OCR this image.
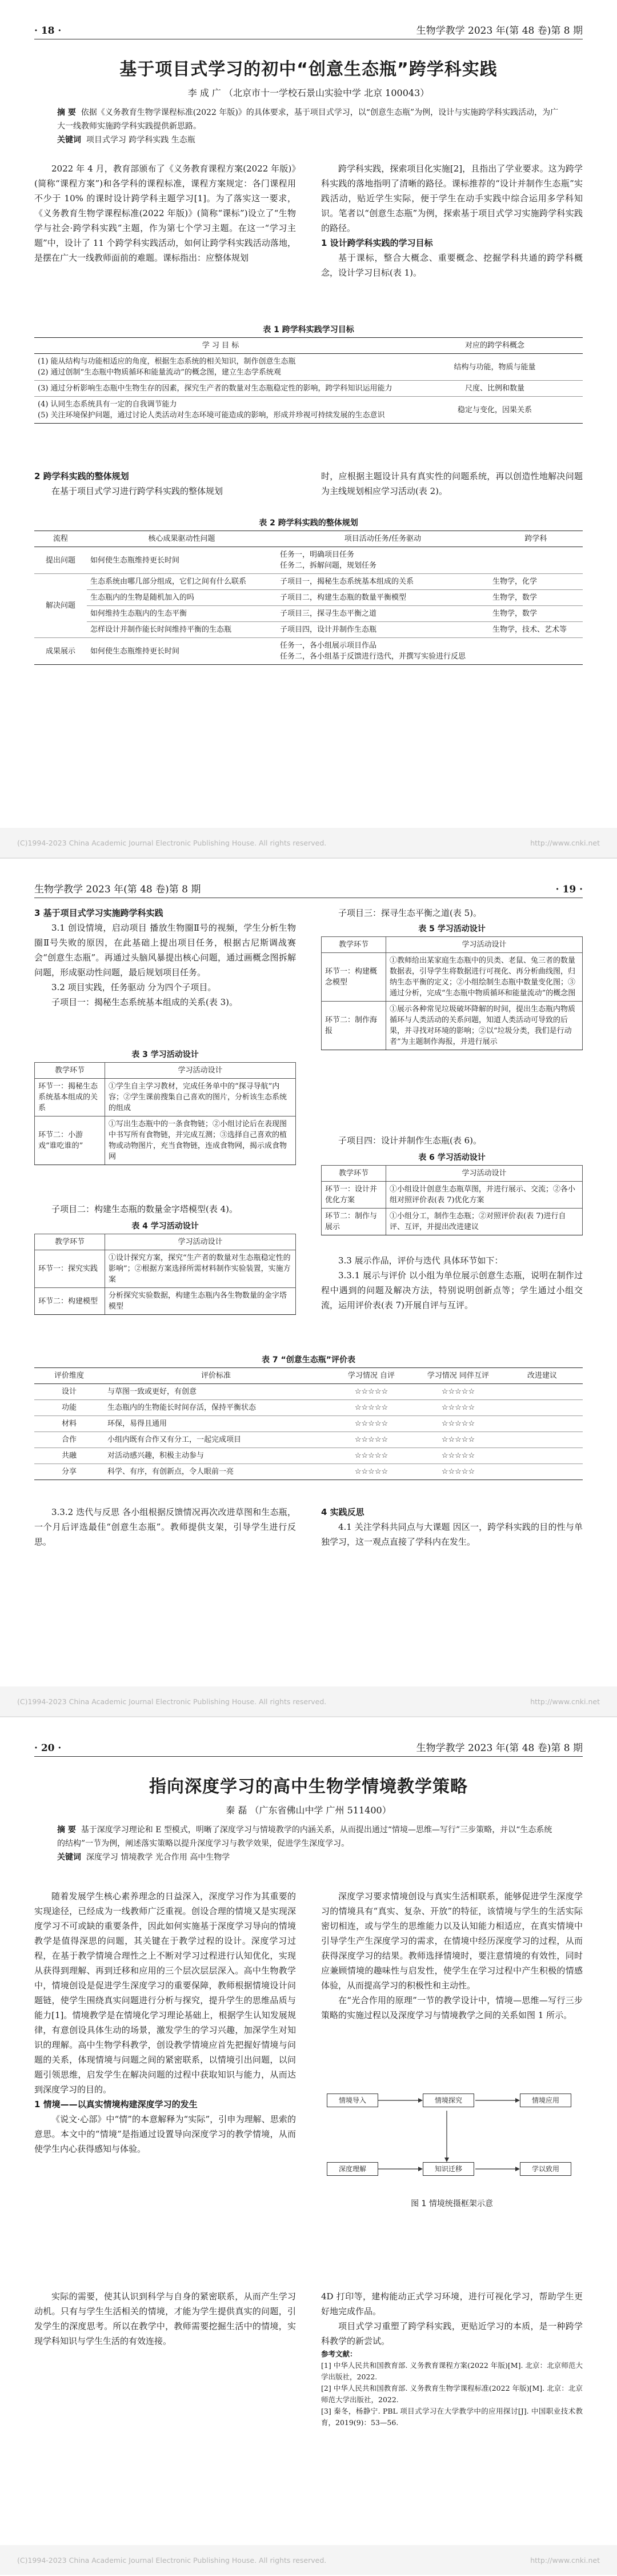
· 18 ·	生物学教学 2023 年(第 48 卷)第 8 期
基于项目式学习的初中“创意生态瓶”跨学科实践
李 成 广 （北京市十一学校石景山实验中学 北京 100043）
摘 要 依据《义务教育生物学课程标准(2022 年版)》的具体要求，基于项目式学习，以“创意生态瓶”为例，设计与实施跨学科实践活动，为广大一线教师实施跨学科实践提供新思路。
关键词 项目式学习 跨学科实践 生态瓶

2022 年 4 月，教育部颁布了《义务教育课程方案(2022 年版)》(简称“课程方案”)和各学科的课程标准，课程方案规定：各门课程用不少于 10% 的课时设计跨学科主题学习[1]。为了落实这一要求，《义务教育生物学课程标准(2022 年版)》(简称“课标”)设立了“生物学与社会·跨学科实践”主题，作为第七个学习主题。在这一“学习主题”中，设计了 11 个跨学科实践活动，如何让跨学科实践活动落地，是摆在广大一线教师面前的难题。课标指出：应整体规划

跨学科实践，探索项目化实施[2]，且指出了学业要求。这为跨学科实践的落地指明了清晰的路径。课标推荐的“设计并制作生态瓶”实践活动，贴近学生实际，便于学生在动手实践中综合运用多学科知识。笔者以“创意生态瓶”为例，探索基于项目式学习实施跨学科实践的路径。

1 设计跨学科实践的学习目标

基于课标，整合大概念、重要概念、挖掘学科共通的跨学科概念，设计学习目标(表 1)。

表 1 跨学科实践学习目标
学 习 目 标	对应的跨学科概念
(1) 能从结构与功能相适应的角度，根据生态系统的相关知识，制作创意生态瓶
(2) 通过创制“生态瓶中物质循环和能量流动”的概念图，建立生态学系统观	结构与功能，物质与能量
(3) 通过分析影响生态瓶中生物生存的因素，探究生产者的数量对生态瓶稳定性的影响，跨学科知识运用能力	尺度、比例和数量
(4) 认同生态系统具有一定的自我调节能力
(5) 关注环境保护问题，通过讨论人类活动对生态环境可能造成的影响，形成并珍视可持续发展的生态意识	稳定与变化，因果关系

2 跨学科实践的整体规划

在基于项目式学习进行跨学科实践的整体规划

时，应根据主题设计具有真实性的问题系统，再以创造性地解决问题为主线规划相应学习活动(表 2)。

表 2 跨学科实践的整体规划
流程	核心成果驱动性问题	项目活动任务/任务驱动	跨学科
提出问题	如何使生态瓶维持更长时间	任务一，明确项目任务
任务二，拆解问题，规划任务	
解决问题	生态系统由哪几部分组成，它们之间有什么联系	子项目一，揭秘生态系统基本组成的关系	生物学，化学
	生态瓶内的生物是随机加入的吗	子项目二，构建生态瓶的数量平衡模型	生物学，数学
	如何维持生态瓶内的生态平衡	子项目三，探寻生态平衡之道	生物学，数学
	怎样设计并制作能长时间维持平衡的生态瓶	子项目四，设计并制作生态瓶	生物学，技术、艺术等
成果展示	如何使生态瓶维持更长时间	任务一，各小组展示项目作品
任务二，各小组基于反馈进行迭代，并撰写实验进行反思	
(C)1994-2023 China Academic Journal Electronic Publishing House. All rights reserved.	http://www.cnki.net
生物学教学 2023 年(第 48 卷)第 8 期	· 19 ·

3 基于项目式学习实施跨学科实践

3.1 创设情境，启动项目 播放生物圈Ⅱ号的视频，学生分析生物圈Ⅱ号失败的原因，在此基础上提出项目任务，根据古尼斯调战赛会“创意生态瓶”。再通过头脑风暴提出核心问题，通过画概念图拆解问题，形成驱动性问题，最后规划项目任务。

3.2 项目实践，任务驱动 分为四个子项目。

子项目一：揭秘生态系统基本组成的关系(表 3)。

表 3 学习活动设计
教学环节	学习活动设计
环节一：揭秘生态系统基本组成的关系	①学生自主学习教材，完成任务单中的“探寻导航”内容；②学生课前搜集自己喜欢的图片，分析该生态系统的组成
环节二：小游戏“谁吃谁的”	①写出生态瓶中的一条食物链；②小组讨论后在表现图中书写所有食物链，并完成互测；③选择自己喜欢的植物或动物图片，充当食物链，连成食物网，揭示成食物网

子项目二：构建生态瓶的数量金字塔模型(表 4)。

表 4 学习活动设计
教学环节	学习活动设计
环节一：探究实践	①设计探究方案，探究“生产者的数量对生态瓶稳定性的影响”；②根据方案选择所需材料制作实验装置，实施方案
环节二：构建模型	分析探究实验数据，构建生态瓶内各生物数量的金字塔模型

子项目三：探寻生态平衡之道(表 5)。

表 5 学习活动设计
教学环节	学习活动设计
环节一：构建概念模型	①教师给出某家庭生态瓶中的贝类、老鼠、兔三者的数量数据表，引导学生将数据进行可视化、再分析曲线图，归纳生态平衡的定义；②小组绘制生态瓶中数量变化图；③通过分析，完成“生态瓶中物质循环和能量流动”的概念图
环节二：制作海报	①展示各种常见垃圾破坏降解的时间，提出生态瓶内物质循环与人类活动的关系问题，知道人类活动可导致的后果，并寻找对环境的影响；②以“垃圾分类，我们是行动者”为主题制作海报，并进行展示

子项目四：设计并制作生态瓶(表 6)。

表 6 学习活动设计
教学环节	学习活动设计
环节一：设计并优化方案	①小组设计创意生态瓶草图，并进行展示、交流；②各小组对照评价表(表 7)优化方案
环节二：制作与展示	①小组分工，制作生态瓶；②对照评价表(表 7)进行自评、互评，并提出改进建议

3.3 展示作品，评价与迭代 具体环节如下：

3.3.1 展示与评价 以小组为单位展示创意生态瓶，说明在制作过程中遇到的问题及解决方法，特别说明创新点等；学生通过小组交流，运用评价表(表 7)开展自评与互评。

表 7 “创意生态瓶”评价表
评价维度	评价标准	学习情况 自评	学习情况 同伴互评	改进建议
设计	与草图一致或更好，有创意	☆☆☆☆☆	☆☆☆☆☆	
功能	生态瓶内的生物能长时间存活，保持平衡状态	☆☆☆☆☆	☆☆☆☆☆	
材料	环保，易得且通用	☆☆☆☆☆	☆☆☆☆☆	
合作	小组内既有合作又有分工，一起完成项目	☆☆☆☆☆	☆☆☆☆☆	
共融	对活动感兴趣，积极主动参与	☆☆☆☆☆	☆☆☆☆☆	
分享	科学、有序，有创新点，令人眼前一亮	☆☆☆☆☆	☆☆☆☆☆	

3.3.2 迭代与反思 各小组根据反馈情况再次改进草图和生态瓶，一个月后评选最佳“创意生态瓶”。教师提供支架，引导学生进行反思。

4 实践反思

4.1 关注学科共同点与大课题 因区一，跨学科实践的目的性与单独学习，这一观点直接了学科内在发生。

(C)1994-2023 China Academic Journal Electronic Publishing House. All rights reserved.	http://www.cnki.net
· 20 ·	生物学教学 2023 年(第 48 卷)第 8 期
指向深度学习的高中生物学情境教学策略
秦 磊 （广东省佛山中学 广州 511400）
摘 要 基于深度学习理论和 E 型模式，明晰了深度学习与情境教学的内涵关系，从而提出通过“情境—思维—写行”三步策略，并以“生态系统的结构”一节为例，阐述落实策略以提升深度学习与教学效果，促进学生深度学习。
关键词 深度学习 情境教学 光合作用 高中生物学

随着发展学生核心素养理念的日益深入，深度学习作为其重要的实现途径，已经成为一线教师广泛重视。创设合理的情境又是实现深度学习不可或缺的重要条件，因此如何实施基于深度学习导向的情境教学是值得深思的问题，其关键在于教学过程的设计。深度学习过程，在基于教学情境合理性之上不断对学习过程进行认知优化，实现从获得到理解、再到迁移和应用的三个层次层层深入。高中生物教学中，情境创设是促进学生深度学习的重要保障，教师根据情境设计问题链，使学生围绕真实问题进行分析与探究，提升学生的思维品质与能力[1]。情境教学是在情境化学习理论基础上，根据学生认知发展规律，有意创设具体生动的场景，激发学生的学习兴趣，加深学生对知识的理解。高中生物学科教学，创设教学情境应首先把握好情境与问题的关系，体现情境与问题之间的紧密联系，以情境引出问题，以问题引领思维，启发学生在解决问题的过程中获取知识与能力，从而达到深度学习的目的。

1 情境——以真实情境构建深度学习的发生

《说文·心部》中“情”的本意解释为“实际”，引申为理解、思索的意思。本文中的“情境”是指通过设置导向深度学习的教学情境，从而使学生内心获得感知与体验。

深度学习要求情境创设与真实生活相联系，能够促进学生深度学习的情境具有“真实、复杂、开放”的特征，该情境与学生的生活实际密切相连，或与学生的思维能力以及认知能力相适应，在真实情境中引导学生产生深度学习的需求，在情境中经历深度学习的过程，从而获得深度学习的结果。教师选择情境时，要注意情境的有效性，同时应兼顾情境的趣味性与启发性，使学生在学习过程中产生积极的情感体验，从而提高学习的积极性和主动性。

在“光合作用的原理”一节的教学设计中，情境—思维—写行三步策略的实施过程以及深度学习与情境教学之间的关系如图 1 所示。

情境导入	情境探究	情境应用
深度理解	知识迁移	学以致用
图 1 情境统摄框架示意

实际的需要，使其认识到科学与自身的紧密联系，从而产生学习动机。只有与学生生活相关的情境，才能为学生提供真实的问题，引发学生的深度思考。所以在教学中，教师需要挖掘生活中的情境，实现学科知识与学生生活的有效连接。

4D 打印等，建构能动正式学习环境，进行可视化学习，帮助学生更好地完成作品。

项目式学习重塑了跨学科实践，更贴近学习的本质，是一种跨学科教学的新尝试。

参考文献：

[1] 中华人民共和国教育部. 义务教育课程方案(2022 年版)[M]. 北京：北京师范大学出版社，2022.

[2] 中华人民共和国教育部. 义务教育生物学课程标准(2022 年版)[M]. 北京：北京师范大学出版社，2022.

[3] 秦冬，杨静宁. PBL 项目式学习在大学教学中的应用探讨[J]. 中国职业技术教育，2019(9)：53—56.

(C)1994-2023 China Academic Journal Electronic Publishing House. All rights reserved.	http://www.cnki.net
